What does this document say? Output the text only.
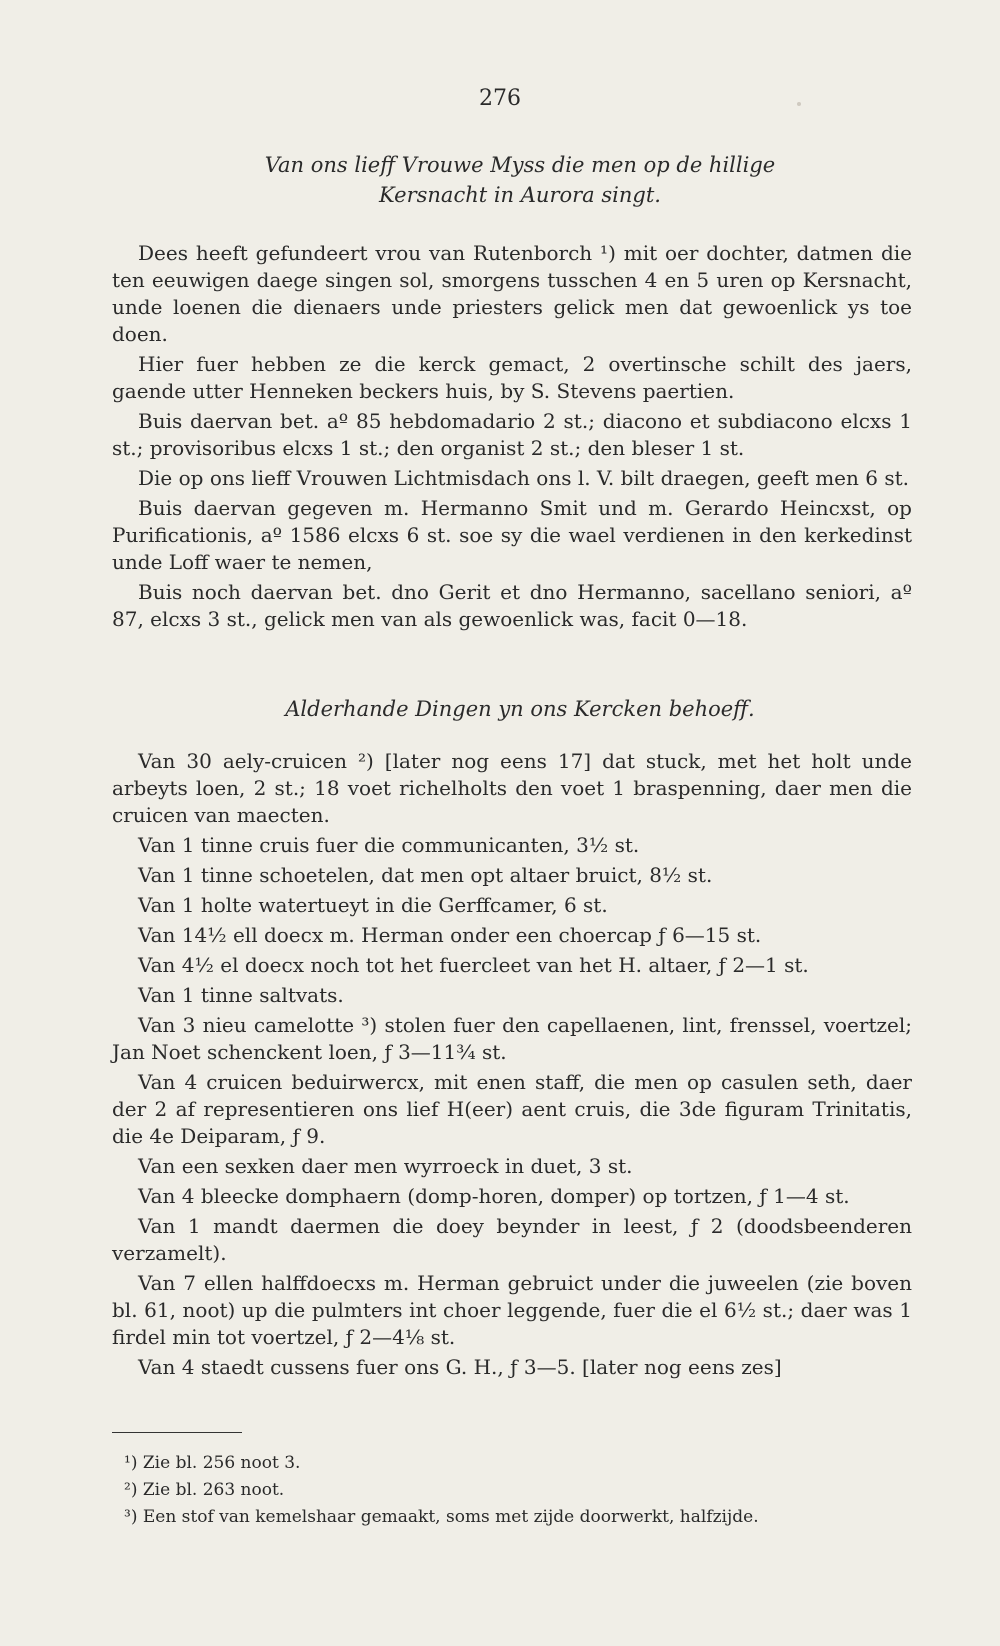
276
Van ons lieff Vrouwe Myss die men op de hillige
Kersnacht in Aurora singt.

Dees heeft gefundeert vrou van Rutenborch ¹) mit oer dochter, datmen die ten eeuwigen daege singen sol, smorgens tusschen 4 en 5 uren op Kersnacht, unde loenen die dienaers unde priesters gelick men dat gewoenlick ys toe doen.

Hier fuer hebben ze die kerck gemact, 2 overtinsche schilt des jaers, gaende utter Henneken beckers huis, by S. Stevens paertien.

Buis daervan bet. aº 85 hebdomadario 2 st.; diacono et subdiacono elcxs 1 st.; provisoribus elcxs 1 st.; den organist 2 st.; den bleser 1 st.

Die op ons lieff Vrouwen Lichtmisdach ons l. V. bilt draegen, geeft men 6 st.

Buis daervan gegeven m. Hermanno Smit und m. Gerardo Heincxst, op Purificationis, aº 1586 elcxs 6 st. soe sy die wael verdienen in den kerkedinst unde Loff waer te nemen,

Buis noch daervan bet. dno Gerit et dno Hermanno, sacellano seniori, aº 87, elcxs 3 st., gelick men van als gewoenlick was, facit 0—18.

Alderhande Dingen yn ons Kercken behoeff.

Van 30 aely-cruicen ²) [later nog eens 17] dat stuck, met het holt unde arbeyts loen, 2 st.; 18 voet richelholts den voet 1 braspenning, daer men die cruicen van maecten.

Van 1 tinne cruis fuer die communicanten, 3½ st.

Van 1 tinne schoetelen, dat men opt altaer bruict, 8½ st.

Van 1 holte watertueyt in die Gerffcamer, 6 st.

Van 14½ ell doecx m. Herman onder een choercap ƒ 6—15 st.

Van 4½ el doecx noch tot het fuercleet van het H. altaer, ƒ 2—1 st.

Van 1 tinne saltvats.

Van 3 nieu camelotte ³) stolen fuer den capellaenen, lint, frenssel, voertzel; Jan Noet schenckent loen, ƒ 3—11¾ st.

Van 4 cruicen beduirwercx, mit enen staff, die men op casulen seth, daer der 2 af representieren ons lief H(eer) aent cruis, die 3de figuram Trinitatis, die 4e Deiparam, ƒ 9.

Van een sexken daer men wyrroeck in duet, 3 st.

Van 4 bleecke domphaern (domp-horen, domper) op tortzen, ƒ 1—4 st.

Van 1 mandt daermen die doey beynder in leest, ƒ 2 (doodsbeenderen verzamelt).

Van 7 ellen halffdoecxs m. Herman gebruict under die juweelen (zie boven bl. 61, noot) up die pulmters int choer leggende, fuer die el 6½ st.; daer was 1 firdel min tot voertzel, ƒ 2—4⅛ st.

Van 4 staedt cussens fuer ons G. H., ƒ 3—5. [later nog eens zes]

¹) Zie bl. 256 noot 3.
²) Zie bl. 263 noot.
³) Een stof van kemelshaar gemaakt, soms met zijde doorwerkt, halfzijde.
